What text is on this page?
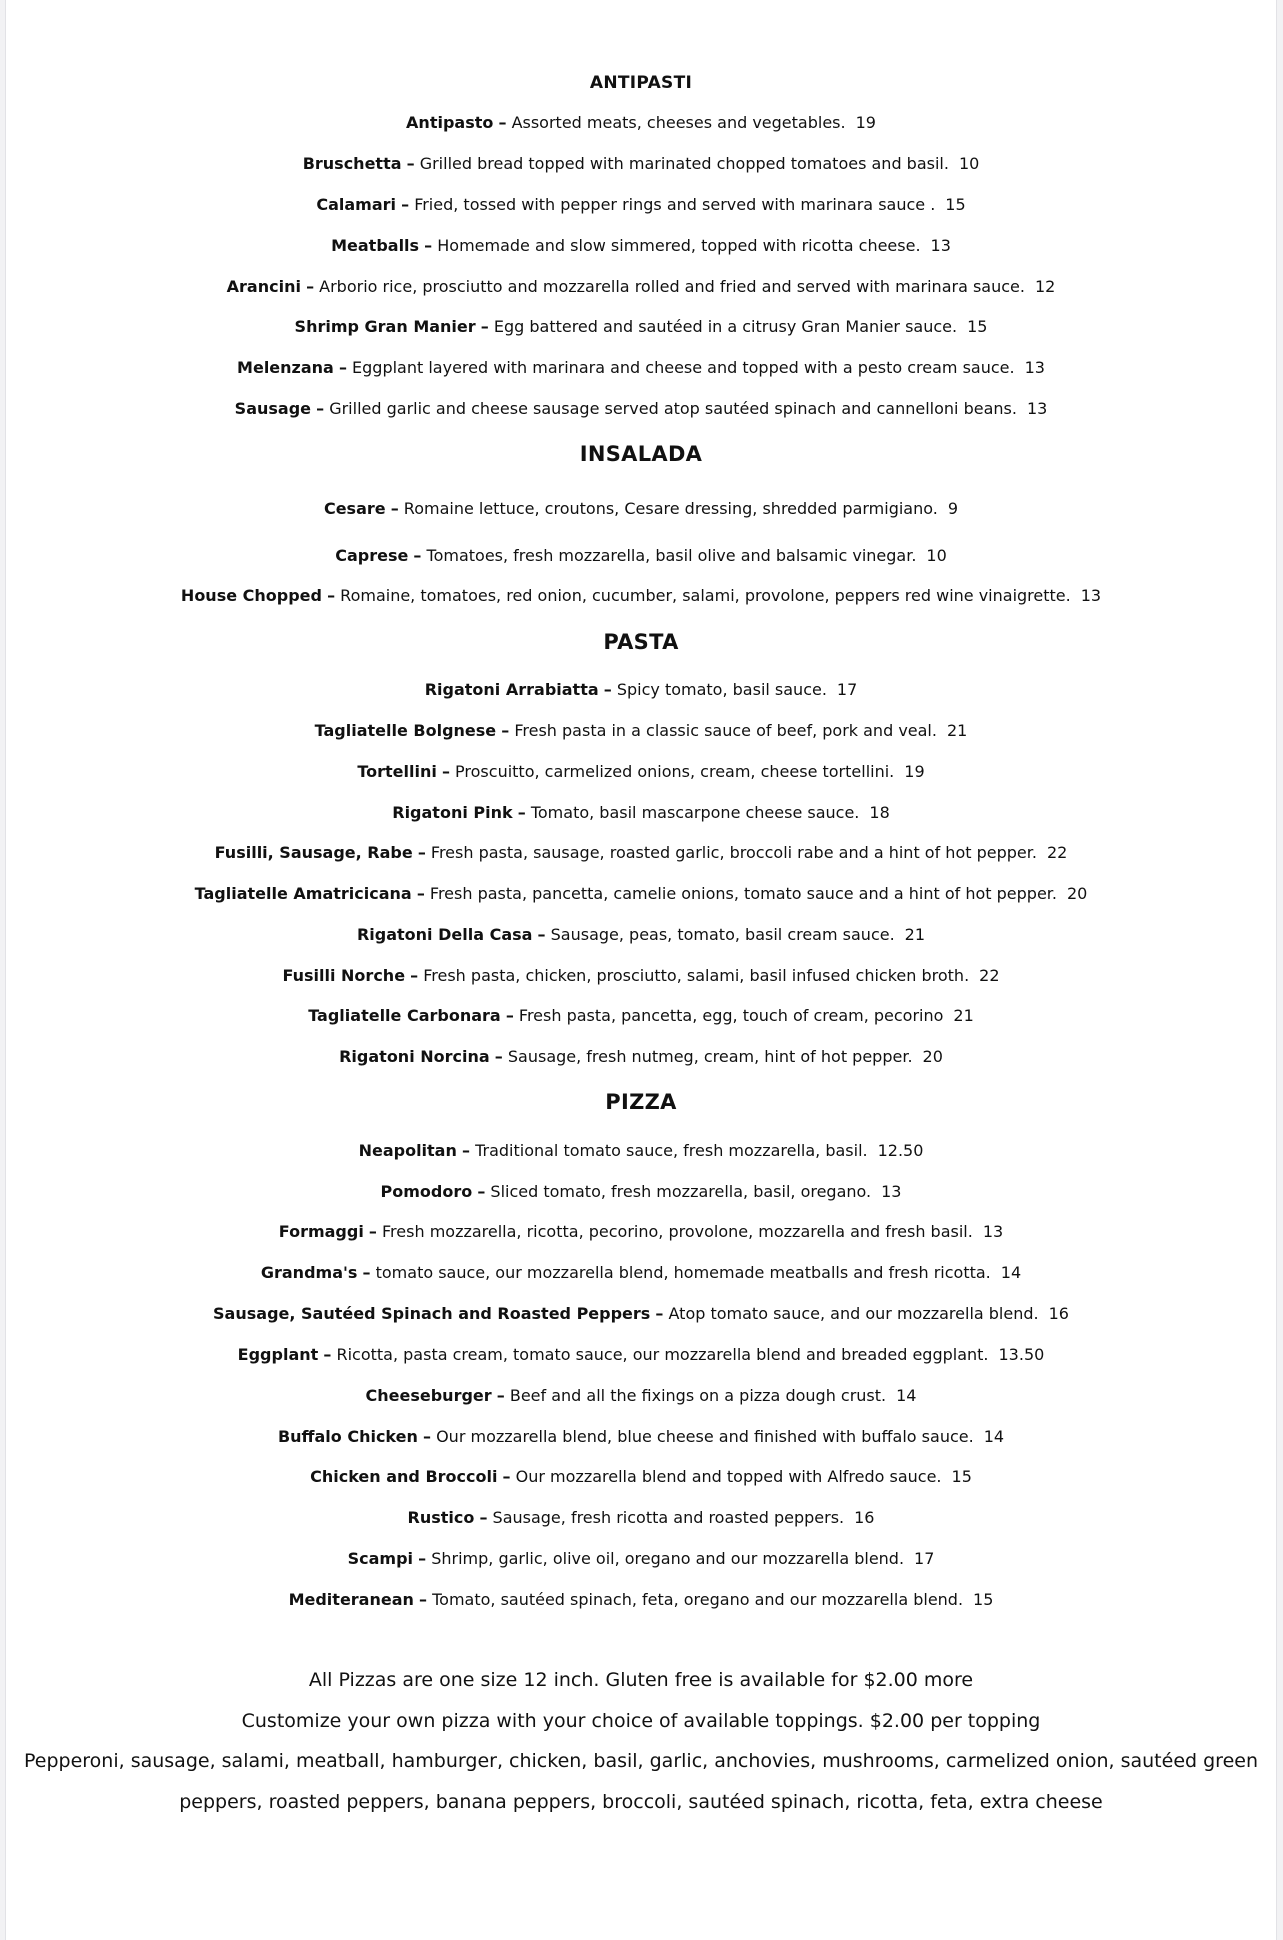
ANTIPASTI
Antipasto – Assorted meats, cheeses and vegetables. 19
Bruschetta – Grilled bread topped with marinated chopped tomatoes and basil. 10
Calamari – Fried, tossed with pepper rings and served with marinara sauce . 15
Meatballs – Homemade and slow simmered, topped with ricotta cheese. 13
Arancini – Arborio rice, prosciutto and mozzarella rolled and fried and served with marinara sauce. 12
Shrimp Gran Manier – Egg battered and sautéed in a citrusy Gran Manier sauce. 15
Melenzana – Eggplant layered with marinara and cheese and topped with a pesto cream sauce. 13
Sausage – Grilled garlic and cheese sausage served atop sautéed spinach and cannelloni beans. 13
INSALADA
Cesare – Romaine lettuce, croutons, Cesare dressing, shredded parmigiano. 9
Caprese – Tomatoes, fresh mozzarella, basil olive and balsamic vinegar. 10
House Chopped – Romaine, tomatoes, red onion, cucumber, salami, provolone, peppers red wine vinaigrette. 13
PASTA
Rigatoni Arrabiatta – Spicy tomato, basil sauce. 17
Tagliatelle Bolgnese – Fresh pasta in a classic sauce of beef, pork and veal. 21
Tortellini – Proscuitto, carmelized onions, cream, cheese tortellini. 19
Rigatoni Pink – Tomato, basil mascarpone cheese sauce. 18
Fusilli, Sausage, Rabe – Fresh pasta, sausage, roasted garlic, broccoli rabe and a hint of hot pepper. 22
Tagliatelle Amatricicana – Fresh pasta, pancetta, camelie onions, tomato sauce and a hint of hot pepper. 20
Rigatoni Della Casa – Sausage, peas, tomato, basil cream sauce. 21
Fusilli Norche – Fresh pasta, chicken, prosciutto, salami, basil infused chicken broth. 22
Tagliatelle Carbonara – Fresh pasta, pancetta, egg, touch of cream, pecorino 21
Rigatoni Norcina – Sausage, fresh nutmeg, cream, hint of hot pepper. 20
PIZZA
Neapolitan – Traditional tomato sauce, fresh mozzarella, basil. 12.50
Pomodoro – Sliced tomato, fresh mozzarella, basil, oregano. 13
Formaggi – Fresh mozzarella, ricotta, pecorino, provolone, mozzarella and fresh basil. 13
Grandma's – tomato sauce, our mozzarella blend, homemade meatballs and fresh ricotta. 14
Sausage, Sautéed Spinach and Roasted Peppers – Atop tomato sauce, and our mozzarella blend. 16
Eggplant – Ricotta, pasta cream, tomato sauce, our mozzarella blend and breaded eggplant. 13.50
Cheeseburger – Beef and all the fixings on a pizza dough crust. 14
Buffalo Chicken – Our mozzarella blend, blue cheese and finished with buffalo sauce. 14
Chicken and Broccoli – Our mozzarella blend and topped with Alfredo sauce. 15
Rustico – Sausage, fresh ricotta and roasted peppers. 16
Scampi – Shrimp, garlic, olive oil, oregano and our mozzarella blend. 17
Mediteranean – Tomato, sautéed spinach, feta, oregano and our mozzarella blend. 15
All Pizzas are one size 12 inch. Gluten free is available for $2.00 more
Customize your own pizza with your choice of available toppings. $2.00 per topping
Pepperoni, sausage, salami, meatball, hamburger, chicken, basil, garlic, anchovies, mushrooms, carmelized onion, sautéed green
peppers, roasted peppers, banana peppers, broccoli, sautéed spinach, ricotta, feta, extra cheese
